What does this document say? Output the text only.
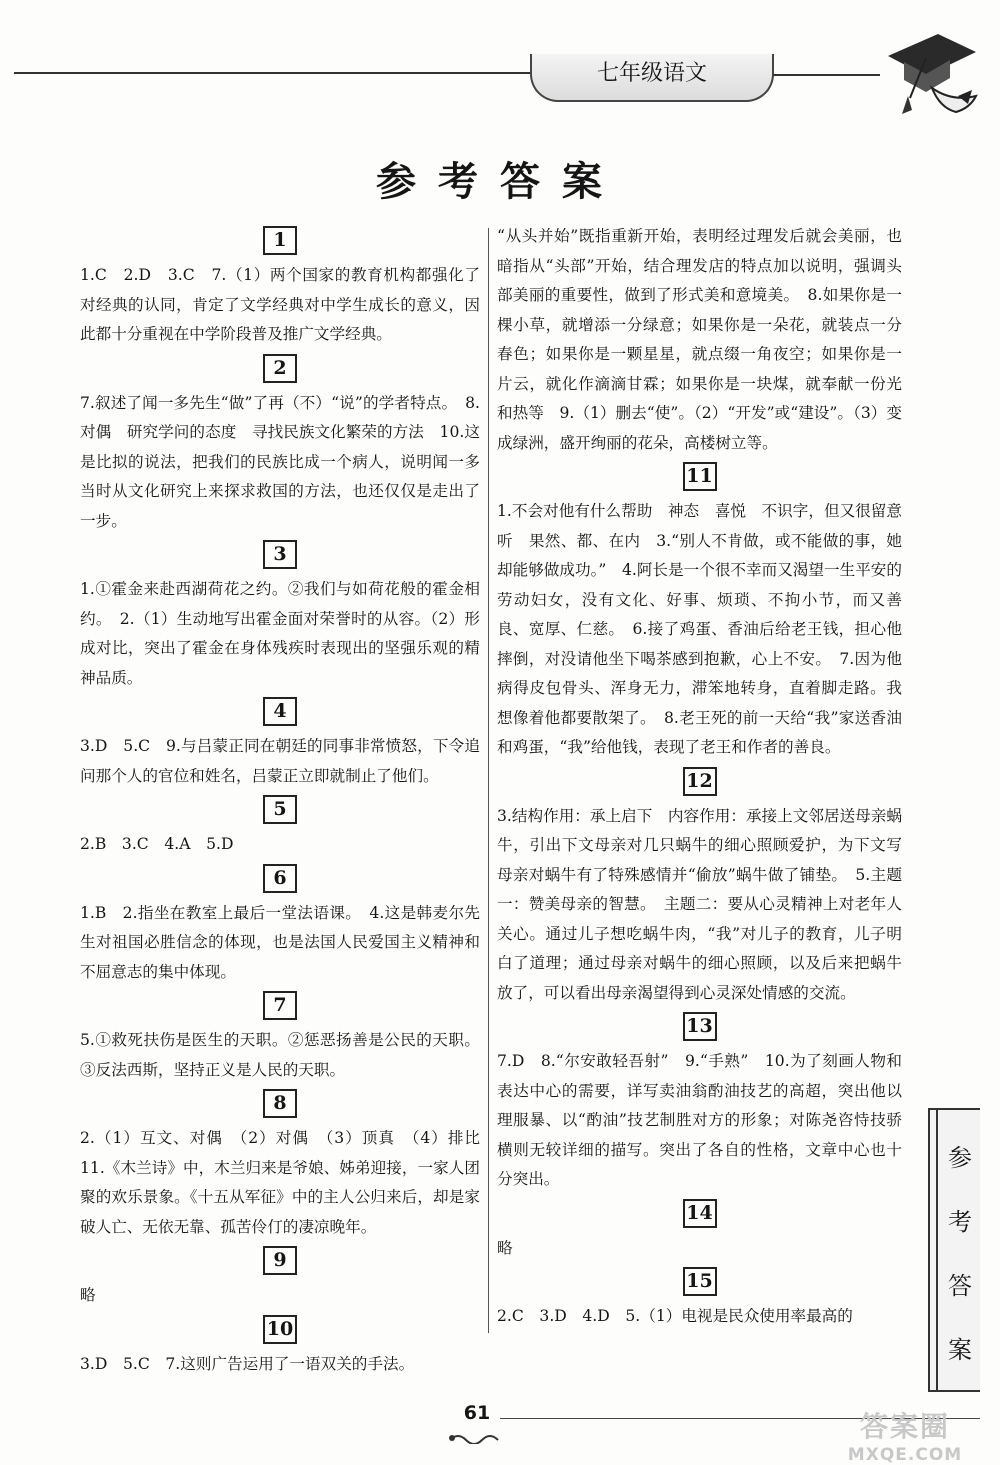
七年级语文
参考答案
1

1.C　2.D　3.C　7.（1）两个国家的教育机构都强化了对经典的认同，肯定了文学经典对中学生成长的意义，因此都十分重视在中学阶段普及推广文学经典。

2

7.叙述了闻一多先生“做”了再（不）“说”的学者特点。　8.对偶　研究学问的态度　寻找民族文化繁荣的方法　10.这是比拟的说法，把我们的民族比成一个病人，说明闻一多当时从文化研究上来探求救国的方法，也还仅仅是走出了一步。

3

1.①霍金来赴西湖荷花之约。②我们与如荷花般的霍金相约。　2.（1）生动地写出霍金面对荣誉时的从容。（2）形成对比，突出了霍金在身体残疾时表现出的坚强乐观的精神品质。

4

3.D　5.C　9.与吕蒙正同在朝廷的同事非常愤怒，下令追问那个人的官位和姓名，吕蒙正立即就制止了他们。

5

2.B　3.C　4.A　5.D

6

1.B　2.指坐在教室上最后一堂法语课。　4.这是韩麦尔先生对祖国必胜信念的体现，也是法国人民爱国主义精神和不屈意志的集中体现。

7

5.①救死扶伤是医生的天职。②惩恶扬善是公民的天职。③反法西斯，坚持正义是人民的天职。

8

2.（1）互文、对偶　（2）对偶　（3）顶真　（4）排比　11.《木兰诗》中，木兰归来是爷娘、姊弟迎接，一家人团聚的欢乐景象。《十五从军征》中的主人公归来后，却是家破人亡、无依无靠、孤苦伶仃的凄凉晚年。

9

略

10

3.D　5.C　7.这则广告运用了一语双关的手法。

“从头并始”既指重新开始，表明经过理发后就会美丽，也暗指从“头部”开始，结合理发店的特点加以说明，强调头部美丽的重要性，做到了形式美和意境美。　8.如果你是一棵小草，就增添一分绿意；如果你是一朵花，就装点一分春色；如果你是一颗星星，就点缀一角夜空；如果你是一片云，就化作滴滴甘霖；如果你是一块煤，就奉献一份光和热等　9.（1）删去“使”。（2）“开发”或“建设”。（3）变成绿洲，盛开绚丽的花朵，高楼树立等。

11

1.不会对他有什么帮助　神态　喜悦　不识字，但又很留意听　果然、都、在内　3.“别人不肯做，或不能做的事，她却能够做成功。”　4.阿长是一个很不幸而又渴望一生平安的劳动妇女，没有文化、好事、烦琐、不拘小节，而又善良、宽厚、仁慈。　6.接了鸡蛋、香油后给老王钱，担心他摔倒，对没请他坐下喝茶感到抱歉，心上不安。　7.因为他病得皮包骨头、浑身无力，滞笨地转身，直着脚走路。我想像着他都要散架了。　8.老王死的前一天给“我”家送香油和鸡蛋，“我”给他钱，表现了老王和作者的善良。

12

3.结构作用：承上启下　内容作用：承接上文邻居送母亲蜗牛，引出下文母亲对几只蜗牛的细心照顾爱护，为下文写母亲对蜗牛有了特殊感情并“偷放”蜗牛做了铺垫。　5.主题一：赞美母亲的智慧。　主题二：要从心灵精神上对老年人关心。通过儿子想吃蜗牛肉，“我”对儿子的教育，儿子明白了道理；通过母亲对蜗牛的细心照顾，以及后来把蜗牛放了，可以看出母亲渴望得到心灵深处情感的交流。

13

7.D　8.“尔安敢轻吾射”　9.“手熟”　10.为了刻画人物和表达中心的需要，详写卖油翁酌油技艺的高超，突出他以理服暴、以“酌油”技艺制胜对方的形象；对陈尧咨恃技骄横则无较详细的描写。突出了各自的性格，文章中心也十分突出。

14

略

15

2.C　3.D　4.D　5.（1）电视是民众使用率最高的

参
考
答
案
61	答案圈
MXQE.COM
